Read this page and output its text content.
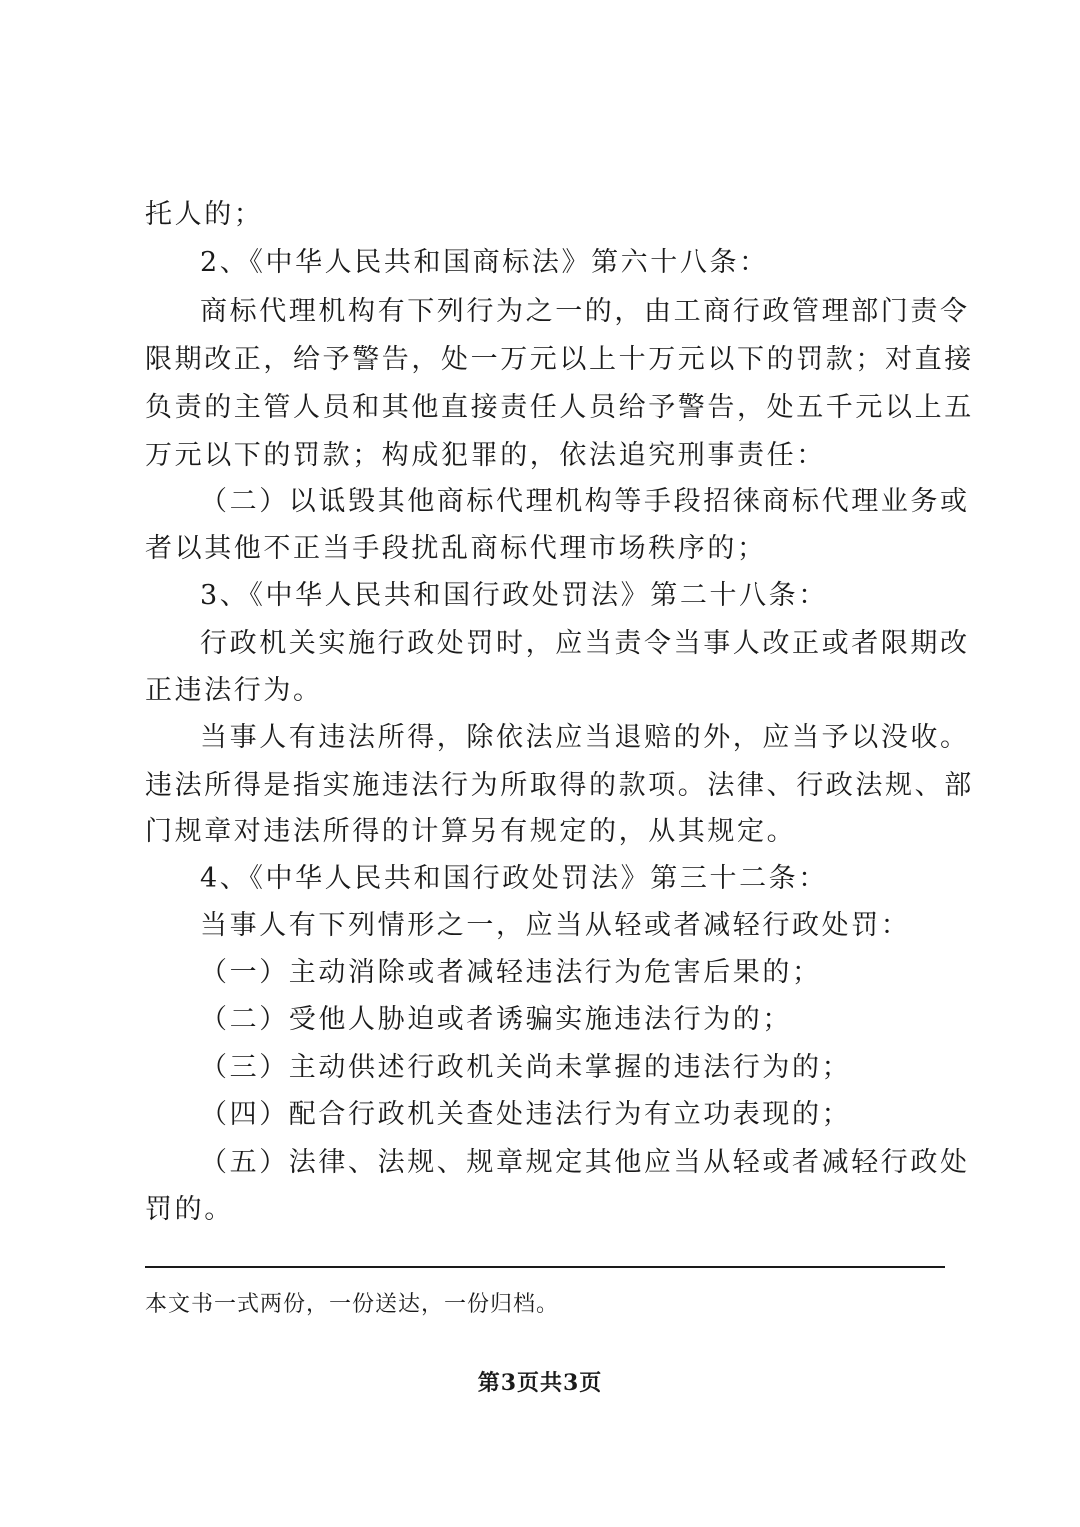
托人的；
2、《中华人民共和国商标法》第六十八条：
商标代理机构有下列行为之一的，由工商行政管理部门责令
限期改正，给予警告，处一万元以上十万元以下的罚款；对直接
负责的主管人员和其他直接责任人员给予警告，处五千元以上五
万元以下的罚款；构成犯罪的，依法追究刑事责任：
（二）以诋毁其他商标代理机构等手段招徕商标代理业务或
者以其他不正当手段扰乱商标代理市场秩序的；
3、《中华人民共和国行政处罚法》第二十八条：
行政机关实施行政处罚时，应当责令当事人改正或者限期改
正违法行为。
当事人有违法所得，除依法应当退赔的外，应当予以没收。
违法所得是指实施违法行为所取得的款项。法律、行政法规、部
门规章对违法所得的计算另有规定的，从其规定。
4、《中华人民共和国行政处罚法》第三十二条：
当事人有下列情形之一，应当从轻或者减轻行政处罚：
（一）主动消除或者减轻违法行为危害后果的；
（二）受他人胁迫或者诱骗实施违法行为的；
（三）主动供述行政机关尚未掌握的违法行为的；
（四）配合行政机关查处违法行为有立功表现的；
（五）法律、法规、规章规定其他应当从轻或者减轻行政处
罚的。
本文书一式两份，一份送达，一份归档。
第3页共3页
